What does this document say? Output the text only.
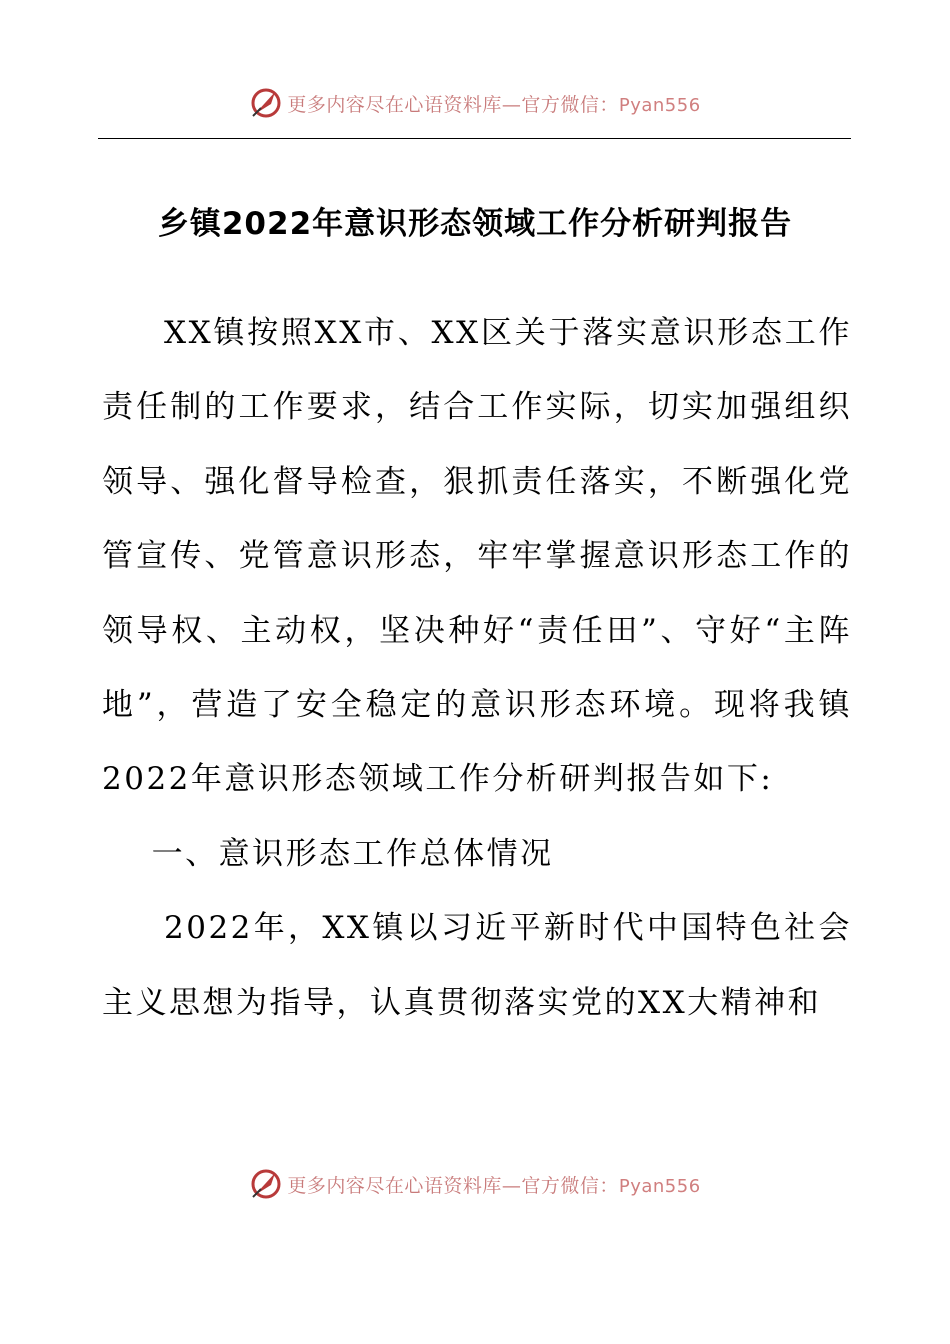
更多内容尽在心语资料库—官方微信：Pyan556
乡镇2022年意识形态领域工作分析研判报告

XX镇按照XX市、XX区关于落实意识形态工作责任制的工作要求，结合工作实际，切实加强组织领导、强化督导检查，狠抓责任落实，不断强化党管宣传、党管意识形态，牢牢掌握意识形态工作的领导权、主动权，坚决种好“责任田”、守好“主阵地”，营造了安全稳定的意识形态环境。现将我镇2022年意识形态领域工作分析研判报告如下:

一、意识形态工作总体情况

2022年，XX镇以习近平新时代中国特色社会主义思想为指导，认真贯彻落实党的XX大精神和

更多内容尽在心语资料库—官方微信：Pyan556
